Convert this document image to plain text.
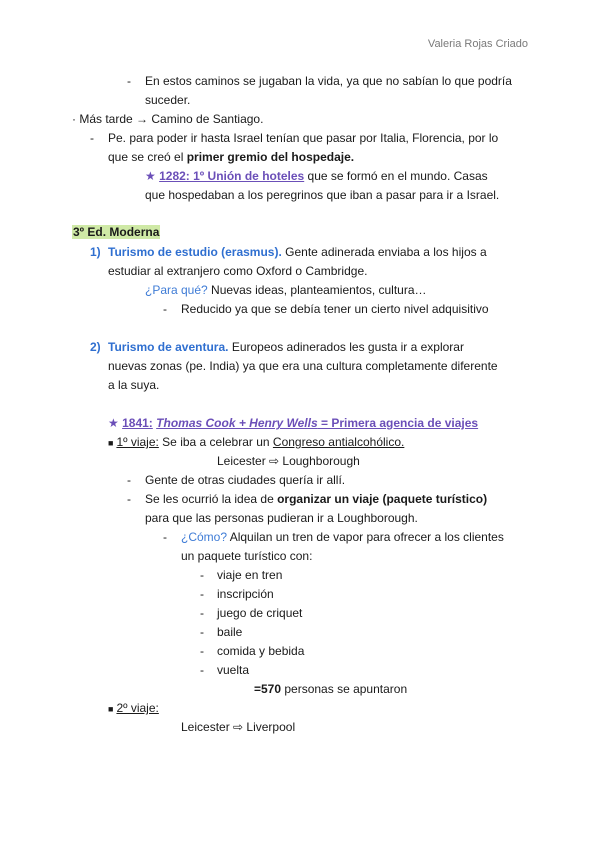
Valeria Rojas Criado
- En estos caminos se jugaban la vida, ya que no sabían lo que podría
suceder.
· Más tarde → Camino de Santiago.
- Pe. para poder ir hasta Israel tenían que pasar por Italia, Florencia, por lo
que se creó el primer gremio del hospedaje.
★ 1282: 1º Unión de hoteles que se formó en el mundo. Casas
que hospedaban a los peregrinos que iban a pasar para ir a Israel.
3º Ed. Moderna
1) Turismo de estudio (erasmus). Gente adinerada enviaba a los hijos a
estudiar al extranjero como Oxford o Cambridge.
¿Para qué? Nuevas ideas, planteamientos, cultura…
- Reducido ya que se debía tener un cierto nivel adquisitivo
2) Turismo de aventura. Europeos adinerados les gusta ir a explorar
nuevas zonas (pe. India) ya que era una cultura completamente diferente
a la suya.
★ 1841: Thomas Cook + Henry Wells = Primera agencia de viajes
■ 1º viaje: Se iba a celebrar un Congreso antialcohólico.
Leicester ⇨ Loughborough
- Gente de otras ciudades quería ir allí.
- Se les ocurrió la idea de organizar un viaje (paquete turístico)
para que las personas pudieran ir a Loughborough.
- ¿Cómo? Alquilan un tren de vapor para ofrecer a los clientes
un paquete turístico con:
- viaje en tren
- inscripción
- juego de criquet
- baile
- comida y bebida
- vuelta
=570 personas se apuntaron
■ 2º viaje:
Leicester ⇨ Liverpool
